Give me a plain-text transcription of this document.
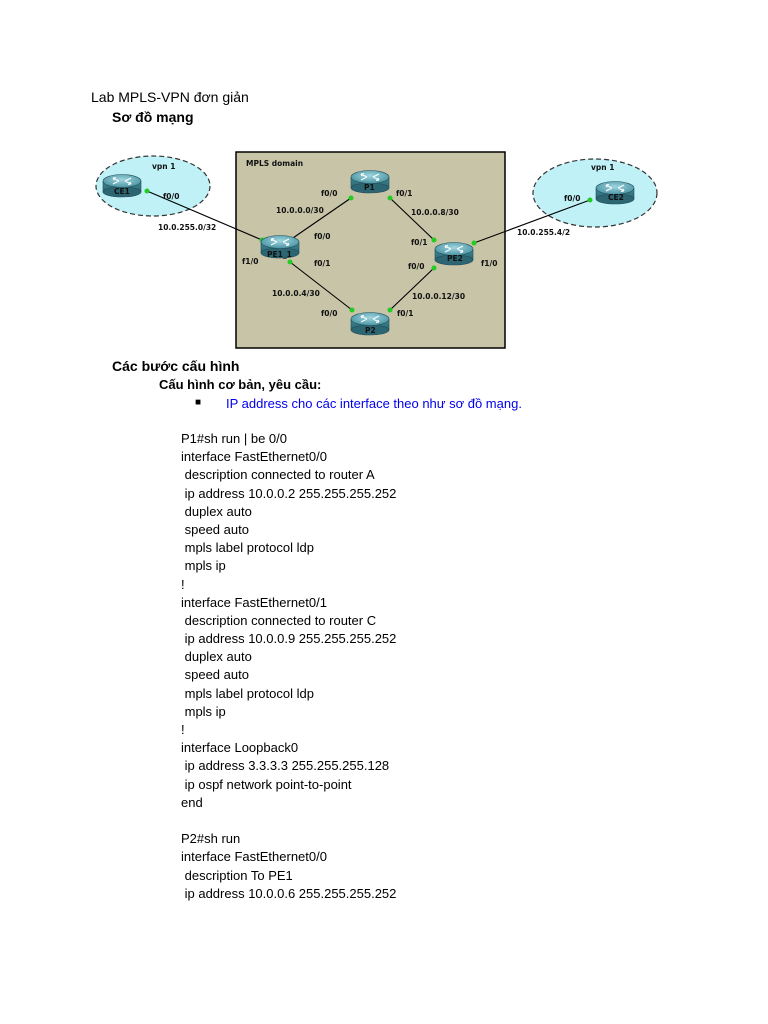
Lab MPLS-VPN đơn giản
Sơ đồ mạng
MPLS domain
vpn 1	vpn 1
CE1	P1
PE1_1	PE2
P2
CE2
f0/0
f1/0
f0/0
f0/1
f0/0	f0/1
f0/1
f0/0	f1/0
f0/0
f0/0	f0/1
10.0.255.0/32
10.0.0.0/30	10.0.0.8/30
10.0.0.4/30	10.0.0.12/30
10.0.255.4/2
Các bước cấu hình
Cấu hình cơ bản, yêu cầu:
■ IP address cho các interface theo như sơ đồ mạng.
P1#sh run | be 0/0
interface FastEthernet0/0
description connected to router A
ip address 10.0.0.2 255.255.255.252
duplex auto
speed auto
mpls label protocol ldp
mpls ip
!
interface FastEthernet0/1
description connected to router C
ip address 10.0.0.9 255.255.255.252
duplex auto
speed auto
mpls label protocol ldp
mpls ip
!
interface Loopback0
ip address 3.3.3.3 255.255.255.128
ip ospf network point-to-point
end
P2#sh run
interface FastEthernet0/0
description To PE1
ip address 10.0.0.6 255.255.255.252
